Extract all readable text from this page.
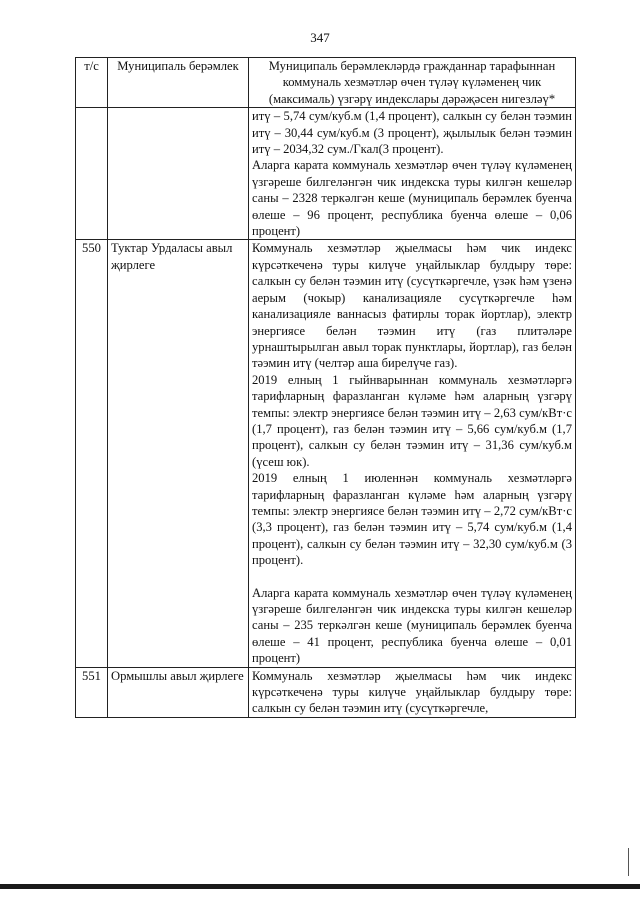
347
т/с	Муниципаль берәмлек	Муниципаль берәмлекләрдә гражданнар тарафыннан коммуналь хезмәтләр өчен түләү күләменең чик (максималь) үзгәрү индекслары дәрәҗәсен нигезләү*

		итү – 5,74 сум/куб.м (1,4 процент), салкын су белән тәэмин итү – 30,44 сум/куб.м (3 процент), җылылык белән тәэмин итү – 2034,32 сум./Гкал(3 процент).

Аларга карата коммуналь хезмәтләр өчен түләү күләменең үзгәреше билгеләнгән чик индекска туры килгән кешеләр саны – 2328 теркәлгән кеше (муниципаль берәмлек буенча өлеше – 96 процент, республика буенча өлеше – 0,06 процент)

550	Туктар Урдаласы авыл җирлеге	Коммуналь хезмәтләр җыелмасы һәм чик индекс күрсәткеченә туры килүче уңайлыклар булдыру төре: салкын су белән тәэмин итү (сусүткәргечле, үзәк һәм үзенә аерым (чокыр) канализацияле сусүткәргечле һәм канализацияле ваннасыз фатирлы торак йортлар), электр энергиясе белән тәэмин итү (газ плитәләре урнаштырылган авыл торак пунктлары, йортлар), газ белән тәэмин итү (челтәр аша бирелүче газ).

2019 елның 1 гыйнварыннан коммуналь хезмәтләргә тарифларның фаразланган күләме һәм аларның үзгәрү темпы: электр энергиясе белән тәэмин итү – 2,63 сум/кВт·с (1,7 процент), газ белән тәэмин итү – 5,66 сум/куб.м (1,7 процент), салкын су белән тәэмин итү – 31,36 сум/куб.м (үсеш юк).

2019 елның 1 июленнән коммуналь хезмәтләргә тарифларның фаразланган күләме һәм аларның үзгәрү темпы: электр энергиясе белән тәэмин итү – 2,72 сум/кВт·с (3,3 процент), газ белән тәэмин итү – 5,74 сум/куб.м (1,4 процент), салкын су белән тәэмин итү – 32,30 сум/куб.м (3 процент).

Аларга карата коммуналь хезмәтләр өчен түләү күләменең үзгәреше билгеләнгән чик индекска туры килгән кешеләр саны – 235 теркәлгән кеше (муниципаль берәмлек буенча өлеше – 41 процент, республика буенча өлеше – 0,01 процент)

551	Ормышлы авыл җирлеге	Коммуналь хезмәтләр җыелмасы һәм чик индекс күрсәткеченә туры килүче уңайлыклар булдыру төре: салкын су белән тәэмин итү (сусүткәргечле,
